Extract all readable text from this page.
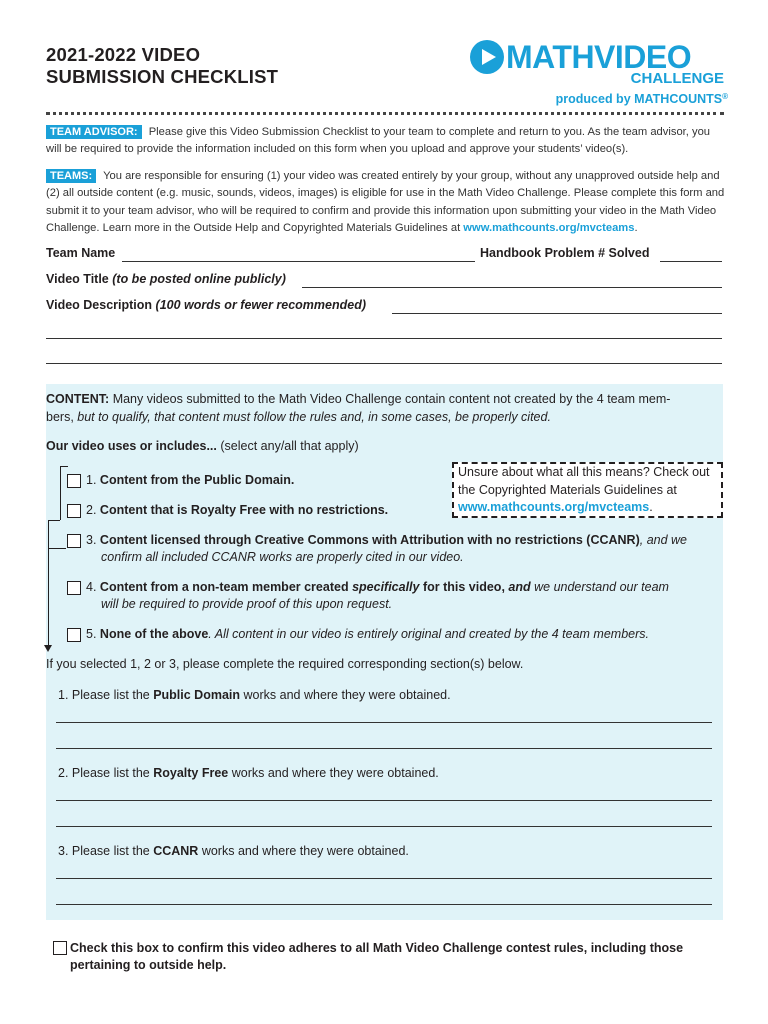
2021-2022 VIDEO
SUBMISSION CHECKLIST
MATHVIDEO
CHALLENGE
produced by MATHCOUNTS®
TEAM ADVISOR: Please give this Video Submission Checklist to your team to complete and return to you. As the team advisor, you will be required to provide the information included on this form when you upload and approve your students’ video(s).
TEAMS: You are responsible for ensuring (1) your video was created entirely by your group, without any unapproved outside help and (2) all outside content (e.g. music, sounds, videos, images) is eligible for use in the Math Video Challenge. Please complete this form and submit it to your team advisor, who will be required to confirm and provide this information upon submitting your video in the Math Video Challenge. Learn more in the Outside Help and Copyrighted Materials Guidelines at www.mathcounts.org/mvcteams.
Team Name	Handbook Problem # Solved
Video Title (to be posted online publicly)
Video Description (100 words or fewer recommended)
CONTENT: Many videos submitted to the Math Video Challenge contain content not created by the 4 team mem-
bers, but to qualify, that content must follow the rules and, in some cases, be properly cited.
Our video uses or includes... (select any/all that apply)
1. Content from the Public Domain.
2. Content that is Royalty Free with no restrictions.
3. Content licensed through Creative Commons with Attribution with no restrictions (CCANR), and we
confirm all included CCANR works are properly cited in our video.
4. Content from a non-team member created specifically for this video, and we understand our team
will be required to provide proof of this upon request.
5. None of the above. All content in our video is entirely original and created by the 4 team members.
Unsure about what all this means? Check out the Copyrighted Materials Guidelines at www.mathcounts.org/mvcteams.
If you selected 1, 2 or 3, please complete the required corresponding section(s) below.
1. Please list the Public Domain works and where they were obtained.
2. Please list the Royalty Free works and where they were obtained.
3. Please list the CCANR works and where they were obtained.
Check this box to confirm this video adheres to all Math Video Challenge contest rules, including those pertaining to outside help.
